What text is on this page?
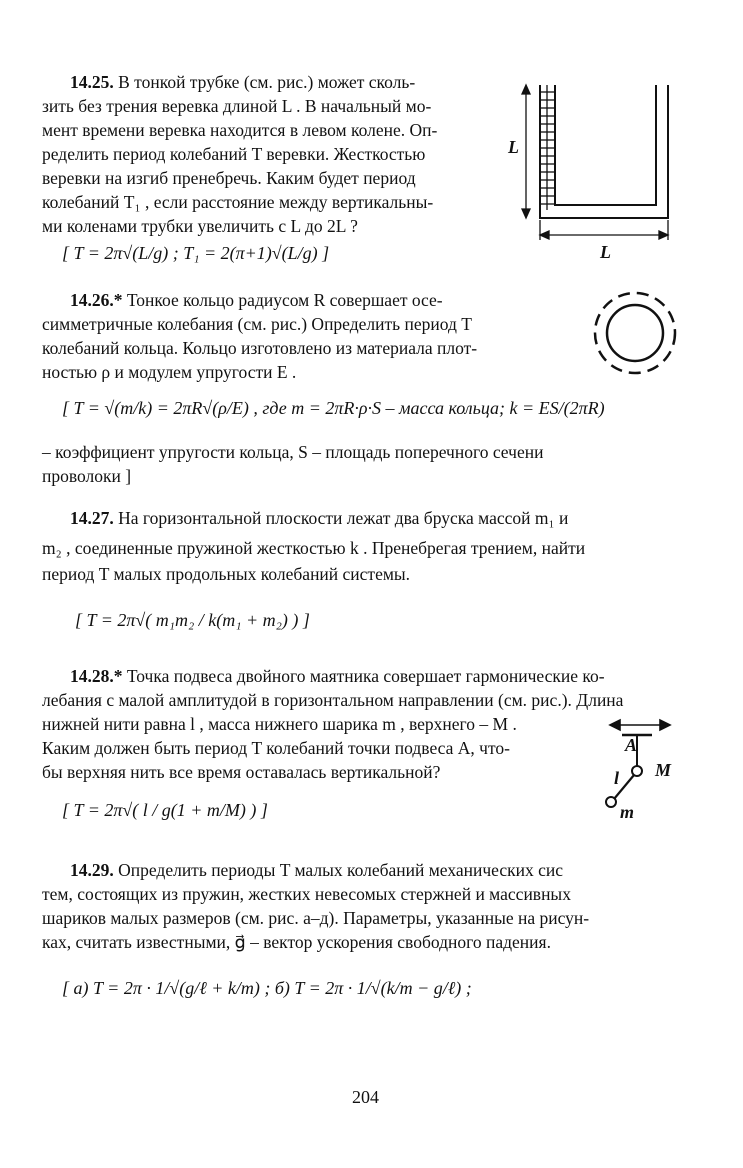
14.25. В тонкой трубке (см. рис.) может сколь-
зить без трения веревка длиной L . В начальный мо-
мент времени веревка находится в левом колене. Оп-
ределить период колебаний T веревки. Жесткостью
веревки на изгиб пренебречь. Каким будет период
колебаний T₁ , если расстояние между вертикальны-
ми коленами трубки увеличить с L до 2L ?
[ T = 2π√(L/g) ; T₁ = 2(π+1)√(L/g) ]
L
L
14.26.* Тонкое кольцо радиусом R совершает осе-
симметричные колебания (см. рис.) Определить период T
колебаний кольца. Кольцо изготовлено из материала плот-
ностью ρ и модулем упругости E .
[ T = √(m/k) = 2πR√(ρ/E) , где m = 2πR·ρ·S – масса кольца; k = ES/(2πR)
– коэффициент упругости кольца, S – площадь поперечного сечени
проволоки ]
14.27. На горизонтальной плоскости лежат два бруска массой m₁ и
m₂ , соединенные пружиной жесткостью k . Пренебрегая трением, найти
период T малых продольных колебаний системы.
[ T = 2π√( m₁m₂ / k(m₁ + m₂) ) ]
14.28.* Точка подвеса двойного маятника совершает гармонические ко-
лебания с малой амплитудой в горизонтальном направлении (см. рис.). Длина
нижней нити равна l , масса нижнего шарика m , верхнего – M .
Каким должен быть период T колебаний точки подвеса A, что-
бы верхняя нить все время оставалась вертикальной?
A
M
l
m
[ T = 2π√( l / g(1 + m/M) ) ]
14.29. Определить периоды T малых колебаний механических сис
тем, состоящих из пружин, жестких невесомых стержней и массивных
шариков малых размеров (см. рис. а–д). Параметры, указанные на рисун-
ках, считать известными, g⃗ – вектор ускорения свободного падения.
[ а) T = 2π · 1/√(g/ℓ + k/m) ; б) T = 2π · 1/√(k/m − g/ℓ) ;
204
